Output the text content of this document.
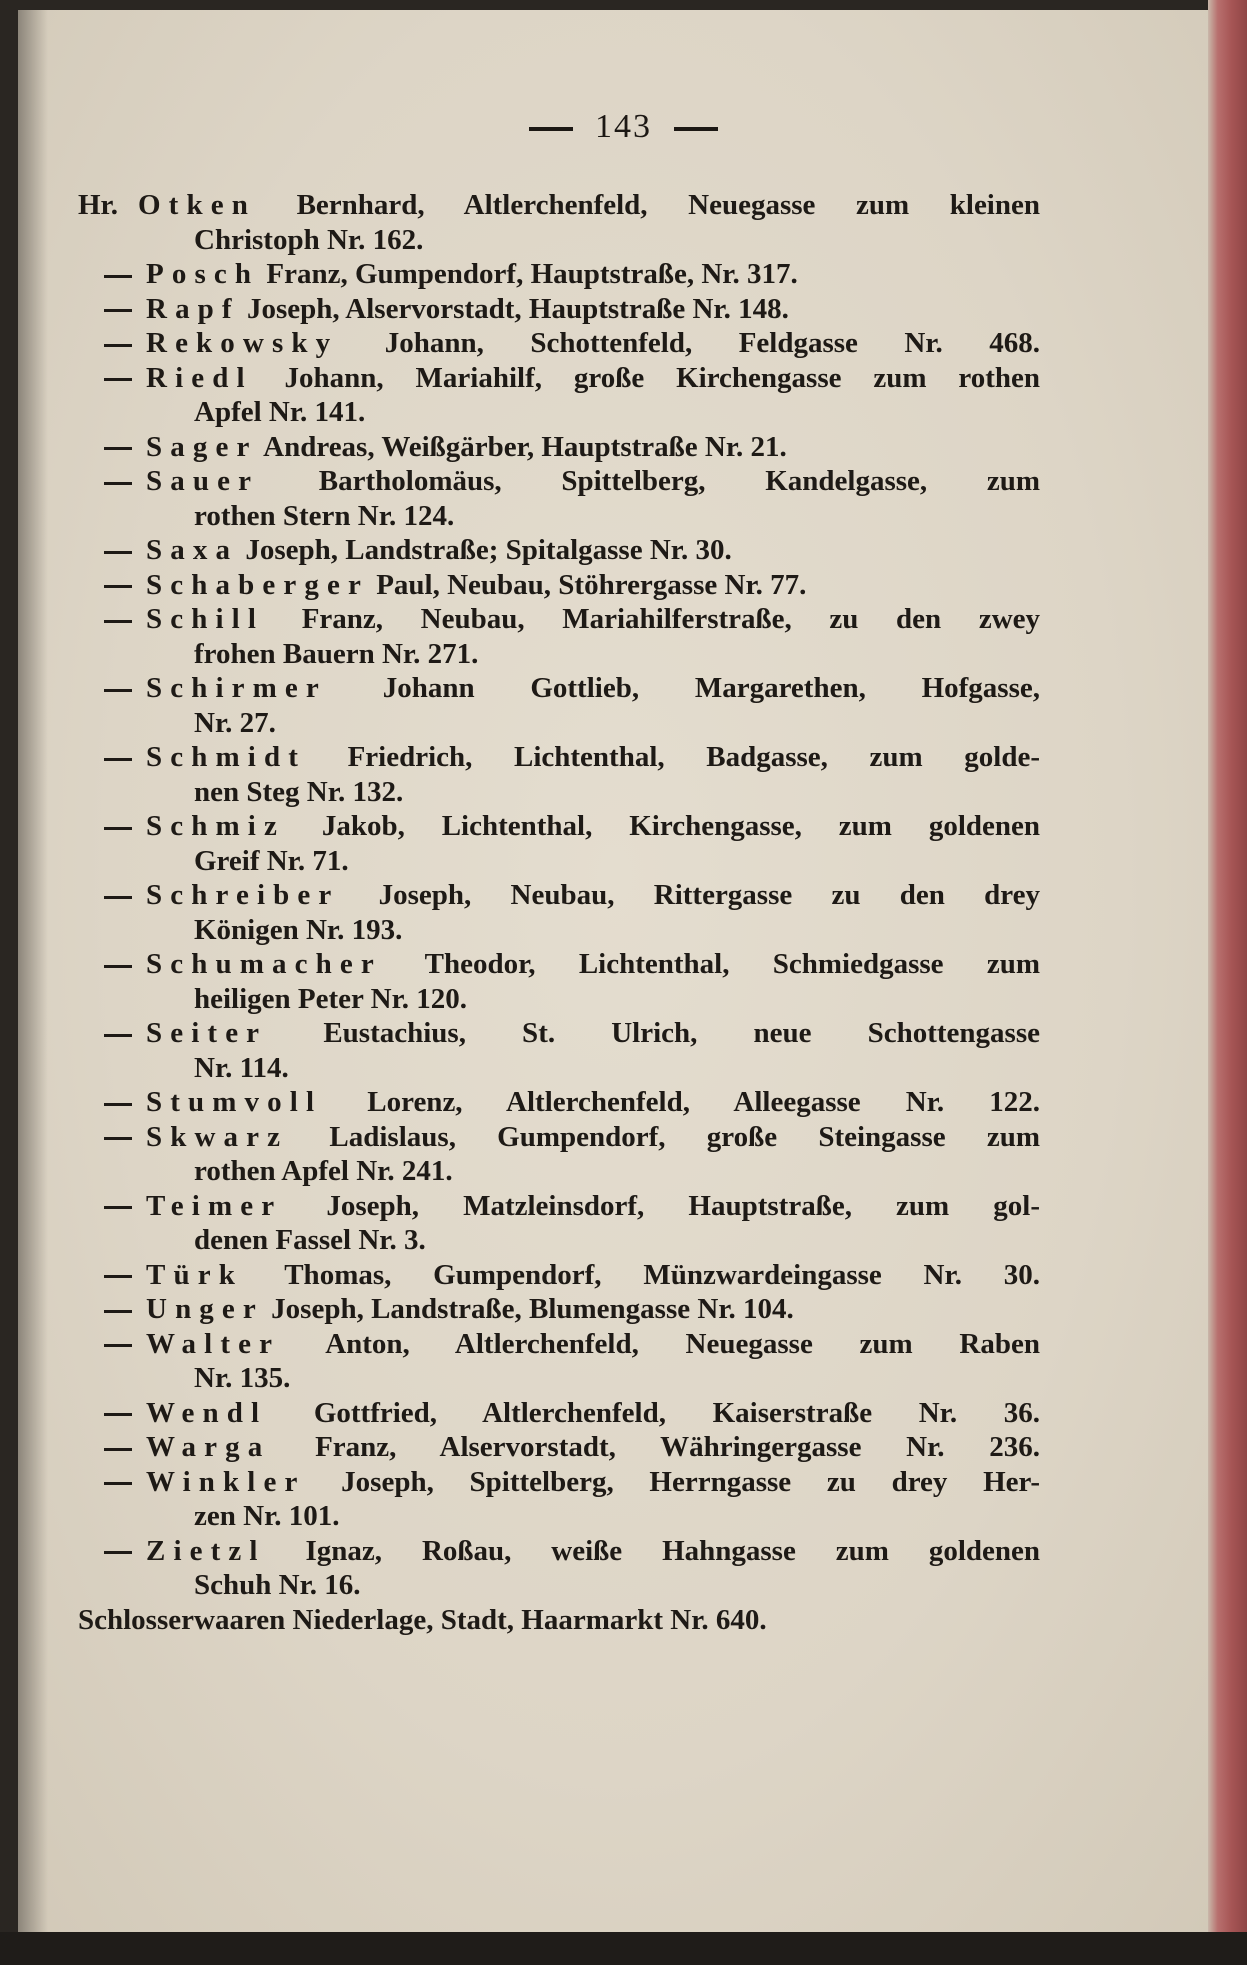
143
Hr. Otken Bernhard, Altlerchenfeld, Neuegasse zum kleinen
Christoph Nr. 162.
Posch Franz, Gumpendorf, Hauptstraße, Nr. 317.
Rapf Joseph, Alservorstadt, Hauptstraße Nr. 148.
Rekowsky Johann, Schottenfeld, Feldgasse Nr. 468.
Riedl Johann, Mariahilf, große Kirchengasse zum rothen
Apfel Nr. 141.
Sager Andreas, Weißgärber, Hauptstraße Nr. 21.
Sauer Bartholomäus, Spittelberg, Kandelgasse, zum
rothen Stern Nr. 124.
Saxa Joseph, Landstraße; Spitalgasse Nr. 30.
Schaberger Paul, Neubau, Stöhrergasse Nr. 77.
Schill Franz, Neubau, Mariahilferstraße, zu den zwey
frohen Bauern Nr. 271.
Schirmer Johann Gottlieb, Margarethen, Hofgasse,
Nr. 27.
Schmidt Friedrich, Lichtenthal, Badgasse, zum golde-
nen Steg Nr. 132.
Schmiz Jakob, Lichtenthal, Kirchengasse, zum goldenen
Greif Nr. 71.
Schreiber Joseph, Neubau, Rittergasse zu den drey
Königen Nr. 193.
Schumacher Theodor, Lichtenthal, Schmiedgasse zum
heiligen Peter Nr. 120.
Seiter Eustachius, St. Ulrich, neue Schottengasse
Nr. 114.
Stumvoll Lorenz, Altlerchenfeld, Alleegasse Nr. 122.
Skwarz Ladislaus, Gumpendorf, große Steingasse zum
rothen Apfel Nr. 241.
Teimer Joseph, Matzleinsdorf, Hauptstraße, zum gol-
denen Fassel Nr. 3.
Türk Thomas, Gumpendorf, Münzwardeingasse Nr. 30.
Unger Joseph, Landstraße, Blumengasse Nr. 104.
Walter Anton, Altlerchenfeld, Neuegasse zum Raben
Nr. 135.
Wendl Gottfried, Altlerchenfeld, Kaiserstraße Nr. 36.
Warga Franz, Alservorstadt, Währingergasse Nr. 236.
Winkler Joseph, Spittelberg, Herrngasse zu drey Her-
zen Nr. 101.
Zietzl Ignaz, Roßau, weiße Hahngasse zum goldenen
Schuh Nr. 16.
Schlosserwaaren Niederlage, Stadt, Haarmarkt Nr. 640.
